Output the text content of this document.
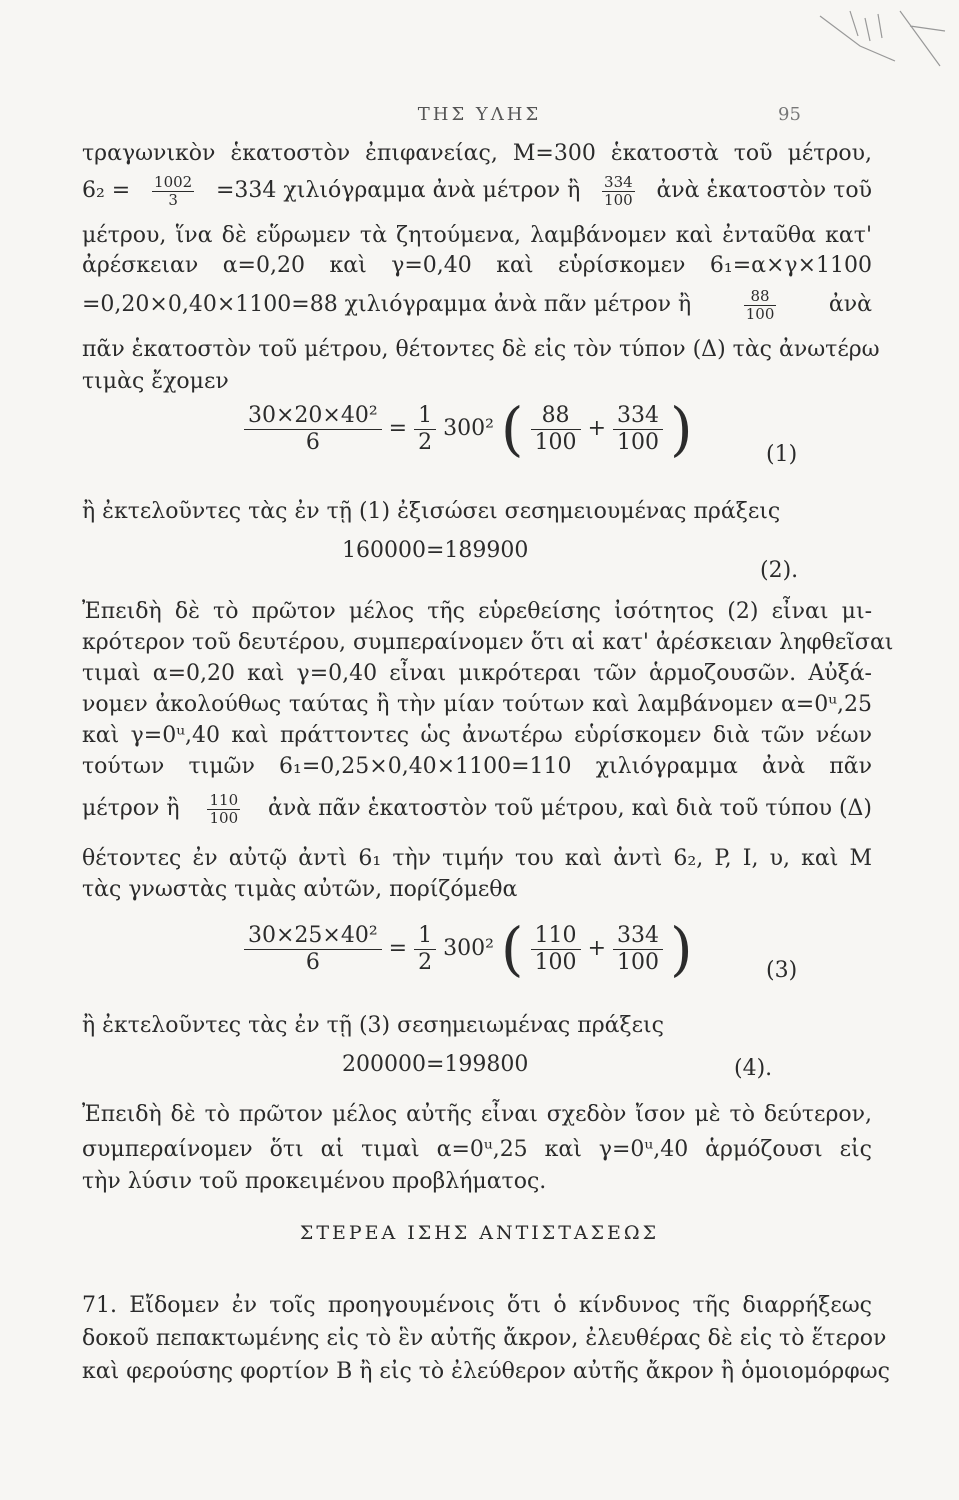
ΤΗΣ ΥΛΗΣ	95
τραγωνικὸν ἑκατοστὸν ἐπιφανείας, Μ=300 ἑκατοστὰ τοῦ μέτρου,
$6_2 = \frac{1002}{3} =334$ χιλιόγραμμα ἀνὰ μέτρον ἢ $\frac{334}{100}$ ἀνὰ ἑκατοστὸν τοῦ
μέτρου, ἵνα δὲ εὕρωμεν τὰ ζητούμενα, λαμβάνομεν καὶ ἐνταῦθα κατ'
ἀρέσκειαν α=0,20 καὶ γ=0,40 καὶ εὑρίσκομεν 6₁=α×γ×1100
=0,20×0,40×1100=88 χιλιόγραμμα ἀνὰ πᾶν μέτρον ἢ	$\frac{88}{100}$ ἀνὰ
πᾶν ἑκατοστὸν τοῦ μέτρου, θέτοντες δὲ εἰς τὸν τύπον (Δ) τὰς ἀνωτέρω
τιμὰς ἔχομεν
$\frac{\text{30×20×40²}}{6} = \frac{1}{2} 300^2$ ( $\frac{88}{100} + \frac{334}{100}$ )	(1)
ἢ ἐκτελοῦντες τὰς ἐν τῇ (1) ἐξισώσει σεσημειουμένας πράξεις
160000=189900
(2).
Ἐπειδὴ δὲ τὸ πρῶτον μέλος τῆς εὑρεθείσης ἰσότητος (2) εἶναι μι-
κρότερον τοῦ δευτέρου, συμπεραίνομεν ὅτι αἱ κατ' ἀρέσκειαν ληφθεῖσαι
τιμαὶ α=0,20 καὶ γ=0,40 εἶναι μικρότεραι τῶν ἁρμοζουσῶν. Αὐξά-
νομεν ἀκολούθως ταύτας ἢ τὴν μίαν τούτων καὶ λαμβάνομεν α=0ᵘ,25
καὶ γ=0ᵘ,40 καὶ πράττοντες ὡς ἀνωτέρω εὑρίσκομεν διὰ τῶν νέων
τούτων τιμῶν 6₁=0,25×0,40×1100=110 χιλιόγραμμα ἀνὰ πᾶν
μέτρον ἢ $\frac{110}{100}$ ἀνὰ πᾶν ἑκατοστὸν τοῦ μέτρου, καὶ διὰ τοῦ τύπου (Δ)
θέτοντες ἐν αὐτῷ ἀντὶ 6₁ τὴν τιμήν του καὶ ἀντὶ 6₂, P, I, υ, καὶ Μ
τὰς γνωστὰς τιμὰς αὐτῶν, πορίζόμεθα
$\frac{\text{30×25×40²}}{6} = \frac{1}{2} 300^2$ ( $\frac{110}{100} + \frac{334}{100}$ )	(3)
ἢ ἐκτελοῦντες τὰς ἐν τῇ (3) σεσημειωμένας πράξεις
200000=199800	(4).
Ἐπειδὴ δὲ τὸ πρῶτον μέλος αὐτῆς εἶναι σχεδὸν ἴσον μὲ τὸ δεύτερον,
συμπεραίνομεν ὅτι αἱ τιμαὶ α=0ᵘ,25 καὶ γ=0ᵘ,40 ἁρμόζουσι εἰς
τὴν λύσιν τοῦ προκειμένου προβλήματος.
ΣΤΕΡΕΑ ΙΣΗΣ ΑΝΤΙΣΤΑΣΕΩΣ
71. Εἴδομεν ἐν τοῖς προηγουμένοις ὅτι ὁ κίνδυνος τῆς διαρρήξεως
δοκοῦ πεπακτωμένης εἰς τὸ ἓν αὐτῆς ἄκρον, ἐλευθέρας δὲ εἰς τὸ ἕτερον
καὶ φερούσης φορτίον Β ἢ εἰς τὸ ἐλεύθερον αὐτῆς ἄκρον ἢ ὁμοιομόρφως
